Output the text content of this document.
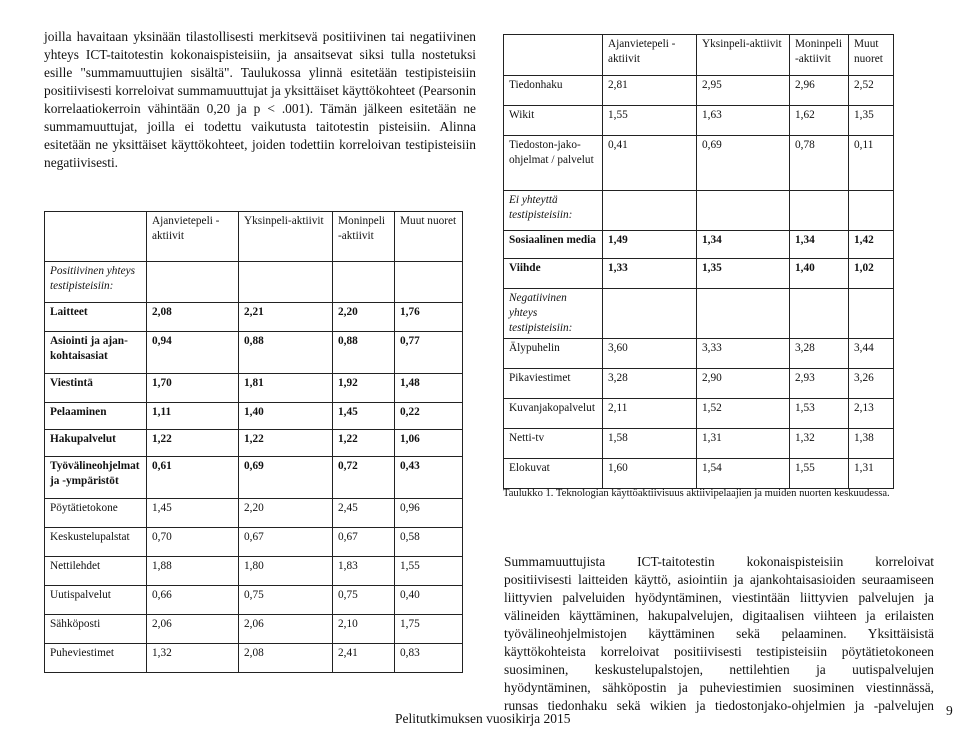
joilla havaitaan yksinään tilastollisesti merkitsevä positiivinen tai negatiivinen
yhteys ICT-taitotestin kokonaispisteisiin, ja ansaitsevat siksi tulla nostetuksi
esille "summamuuttujien sisältä". Taulukossa ylinnä esitetään testipisteisiin
positiivisesti korreloivat summamuuttujat ja yksittäiset käyttökohteet (Pearsonin
korrelaatiokerroin vähintään 0,20 ja p < .001). Tämän jälkeen esitetään ne
summamuuttujat, joilla ei todettu vaikutusta taitotestin pisteisiin. Alinna
esitetään ne yksittäiset käyttökohteet, joiden todettiin korreloivan testipisteisiin
negatiivisesti.

	Ajanvietepeli -aktiivit	Yksinpeli-aktiivit	Moninpeli -aktiivit	Muut nuoret
Positiivinen yhteys testipisteisiin:				
Laitteet	2,08	2,21	2,20	1,76
Asiointi ja ajan-kohtaisasiat	0,94	0,88	0,88	0,77
Viestintä	1,70	1,81	1,92	1,48
Pelaaminen	1,11	1,40	1,45	0,22
Hakupalvelut	1,22	1,22	1,22	1,06
Työvälineohjelmat ja -ympäristöt	0,61	0,69	0,72	0,43
Pöytätietokone	1,45	2,20	2,45	0,96
Keskustelupalstat	0,70	0,67	0,67	0,58
Nettilehdet	1,88	1,80	1,83	1,55
Uutispalvelut	0,66	0,75	0,75	0,40
Sähköposti	2,06	2,06	2,10	1,75
Puheviestimet	1,32	2,08	2,41	0,83
	Ajanvietepeli -aktiivit	Yksinpeli-aktiivit	Moninpeli -aktiivit	Muut nuoret
Tiedonhaku	2,81	2,95	2,96	2,52
Wikit	1,55	1,63	1,62	1,35
Tiedoston-jako-ohjelmat / palvelut	0,41	0,69	0,78	0,11
Ei yhteyttä testipisteisiin:				
Sosiaalinen media	1,49	1,34	1,34	1,42
Viihde	1,33	1,35	1,40	1,02
Negatiivinen yhteys testipisteisiin:				
Älypuhelin	3,60	3,33	3,28	3,44
Pikaviestimet	3,28	2,90	2,93	3,26
Kuvanjakopalvelut	2,11	1,52	1,53	2,13
Netti-tv	1,58	1,31	1,32	1,38
Elokuvat	1,60	1,54	1,55	1,31
Taulukko 1. Teknologian käyttöaktiivisuus aktiivipelaajien ja muiden nuorten keskuudessa.

Summamuuttujista ICT-taitotestin kokonaispisteisiin korreloivat
positiivisesti laitteiden käyttö, asiointiin ja ajankohtaisasioiden seuraamiseen
liittyvien palveluiden hyödyntäminen, viestintään liittyvien palvelujen ja
välineiden käyttäminen, hakupalvelujen, digitaalisen viihteen ja erilaisten
työvälineohjelmistojen käyttäminen sekä pelaaminen. Yksittäisistä
käyttökohteista korreloivat positiivisesti testipisteisiin pöytätietokoneen
suosiminen, keskustelupalstojen, nettilehtien ja uutispalvelujen
hyödyntäminen, sähköpostin ja puheviestimien suosiminen viestinnässä,
runsas tiedonhaku sekä wikien ja tiedostonjako-ohjelmien ja -palvelujen

Pelitutkimuksen vuosikirja 2015
9
